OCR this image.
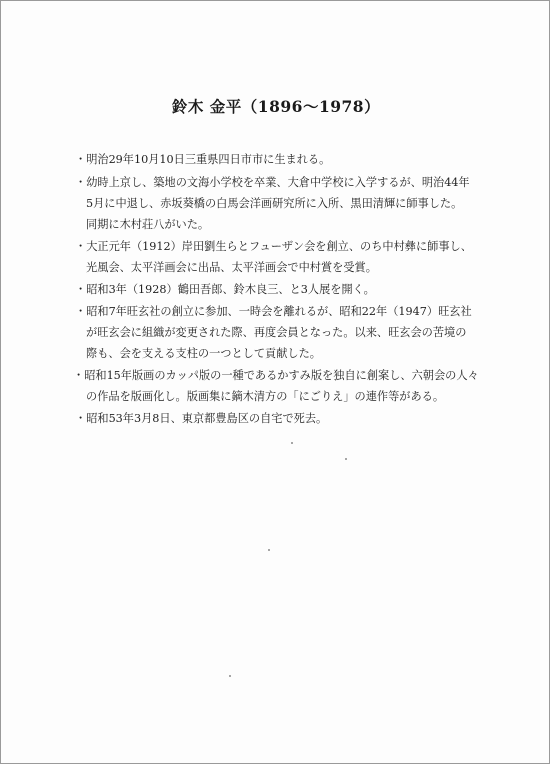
鈴木 金平（1896〜1978）
・明治29年10月10日三重県四日市市に生まれる。
・幼時上京し、築地の文海小学校を卒業、大倉中学校に入学するが、明治44年
5月に中退し、赤坂葵橋の白馬会洋画研究所に入所、黒田清輝に師事した。
同期に木村荘八がいた。
・大正元年（1912）岸田劉生らとフューザン会を創立、のち中村彝に師事し、
光風会、太平洋画会に出品、太平洋画会で中村賞を受賞。
・昭和3年（1928）鶴田吾郎、鈴木良三、と3人展を開く。
・昭和7年旺玄社の創立に参加、一時会を離れるが、昭和22年（1947）旺玄社
が旺玄会に組織が変更された際、再度会員となった。以来、旺玄会の苦境の
際も、会を支える支柱の一つとして貢献した。
・昭和15年版画のカッパ版の一種であるかすみ版を独自に創案し、六朝会の人々
の作品を版画化し。版画集に鏑木清方の「にごりえ」の連作等がある。
・昭和53年3月8日、東京都豊島区の自宅で死去。
